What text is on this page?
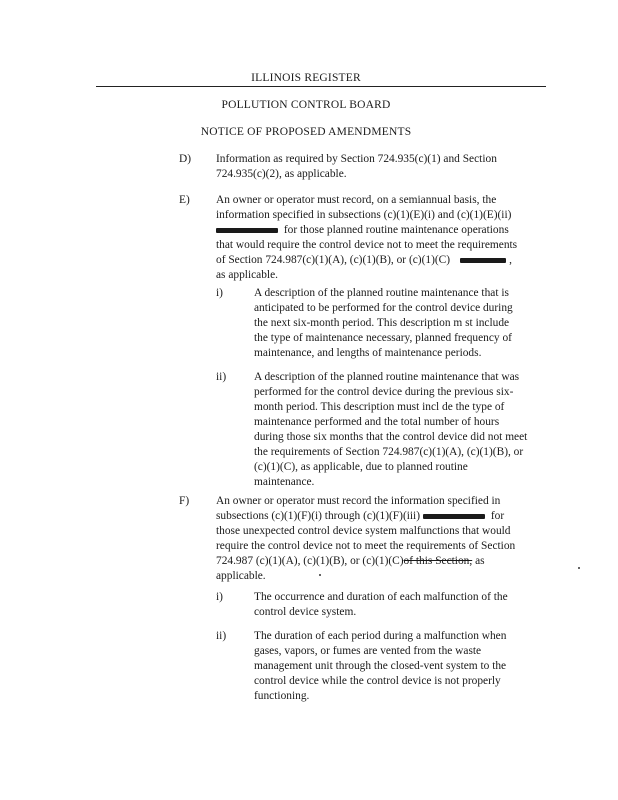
ILLINOIS REGISTER
POLLUTION CONTROL BOARD
NOTICE OF PROPOSED AMENDMENTS
D) Information as required by Section 724.935(c)(1) and Section
724.935(c)(2), as applicable.
E) An owner or operator must record, on a semiannual basis, the
information specified in subsections (c)(1)(E)(i) and (c)(1)(E)(ii)
for those planned routine maintenance operations
that would require the control device not to meet the requirements
of Section 724.987(c)(1)(A), (c)(1)(B), or (c)(1)(C)	,
as applicable.
i)	A description of the planned routine maintenance that is
anticipated to be performed for the control device during
the next six-month period. This description m st include
the type of maintenance necessary, planned frequency of
maintenance, and lengths of maintenance periods.
ii) A description of the planned routine maintenance that was
performed for the control device during the previous six-
month period. This description must incl de the type of
maintenance performed and the total number of hours
during those six months that the control device did not meet
the requirements of Section 724.987(c)(1)(A), (c)(1)(B), or
(c)(1)(C), as applicable, due to planned routine
maintenance.
F) An owner or operator must record the information specified in
subsections (c)(1)(F)(i) through (c)(1)(F)(iii)	for
those unexpected control device system malfunctions that would
require the control device not to meet the requirements of Section
724.987 (c)(1)(A), (c)(1)(B), or (c)(1)(C)of this Section, as
applicable.
i)	The occurrence and duration of each malfunction of the
control device system.
ii) The duration of each period during a malfunction when
gases, vapors, or fumes are vented from the waste
management unit through the closed-vent system to the
control device while the control device is not properly
functioning.
